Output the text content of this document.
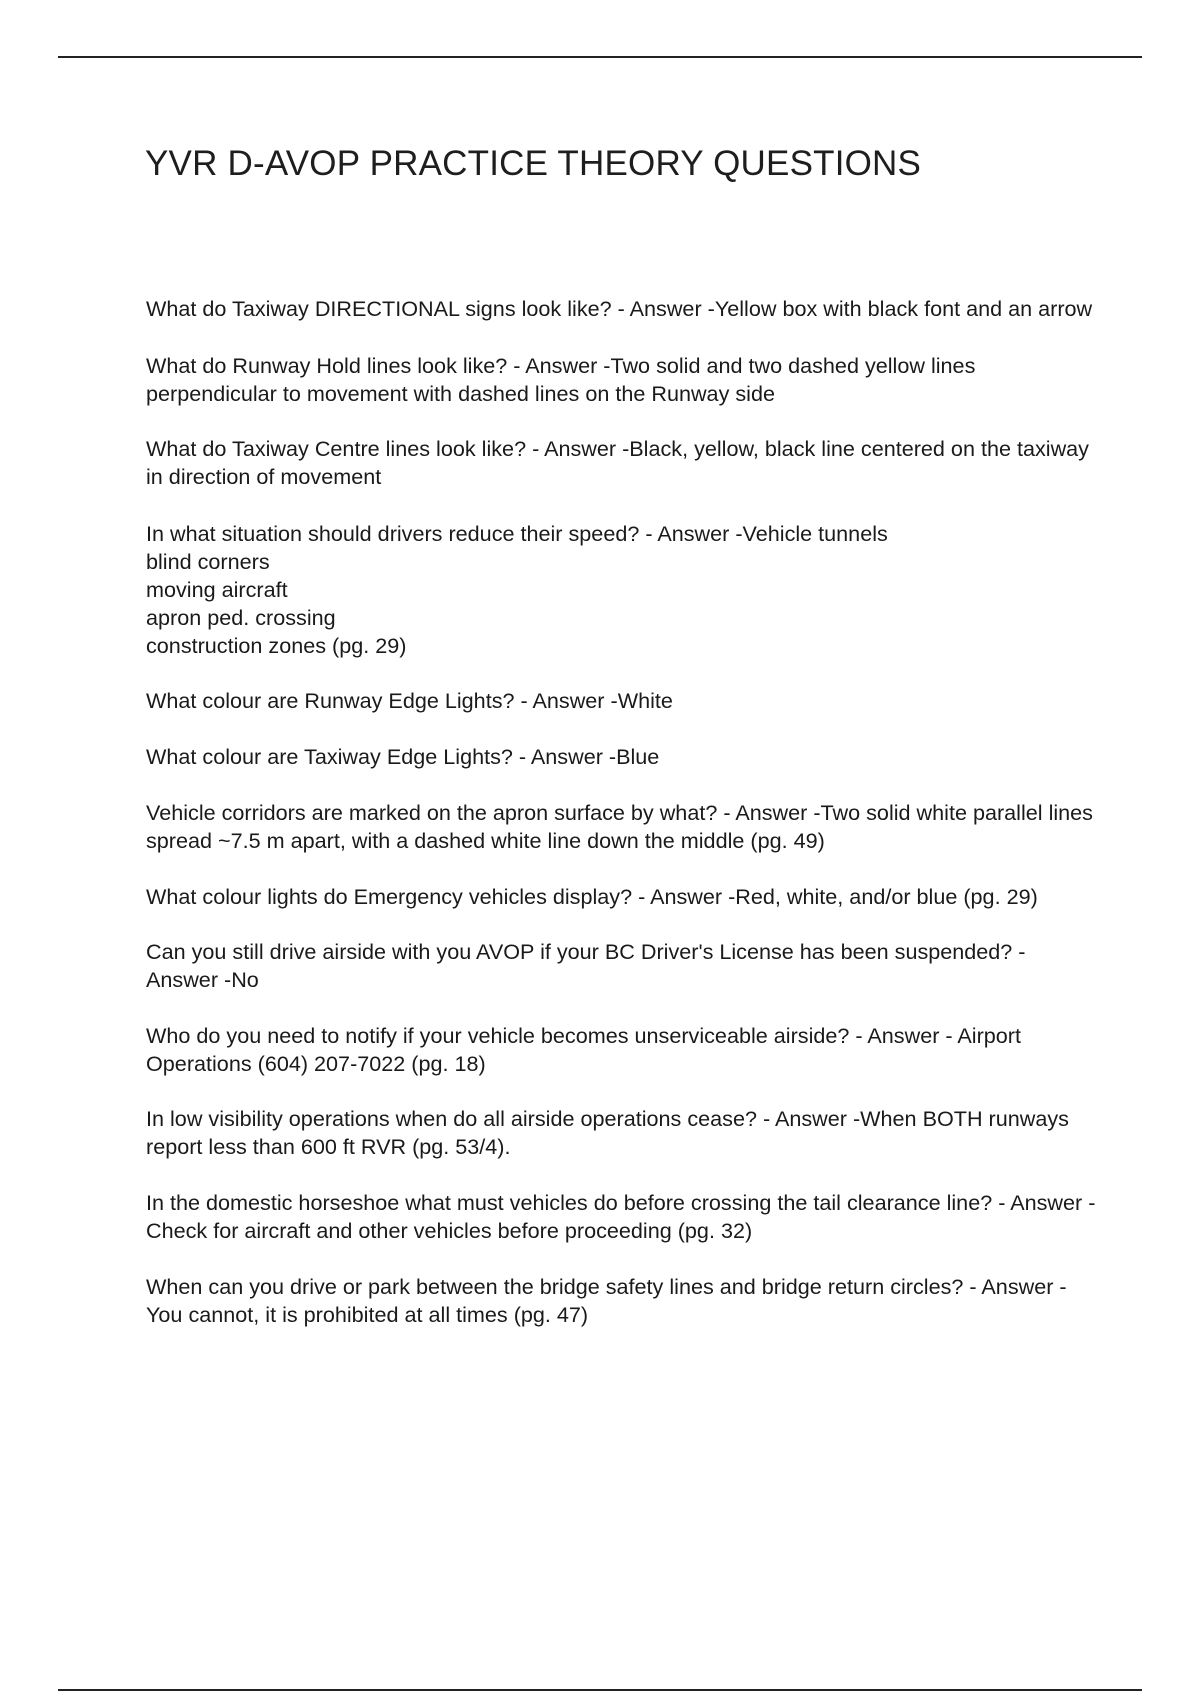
YVR D-AVOP PRACTICE THEORY QUESTIONS
What do Taxiway DIRECTIONAL signs look like? - Answer -Yellow box with black font and an arrow
What do Runway Hold lines look like? - Answer -Two solid and two dashed yellow lines perpendicular to movement with dashed lines on the Runway side
What do Taxiway Centre lines look like? - Answer -Black, yellow, black line centered on the taxiway in direction of movement
In what situation should drivers reduce their speed? - Answer -Vehicle tunnels
blind corners
moving aircraft
apron ped. crossing
construction zones (pg. 29)
What colour are Runway Edge Lights? - Answer -White
What colour are Taxiway Edge Lights? - Answer -Blue
Vehicle corridors are marked on the apron surface by what? - Answer -Two solid white parallel lines spread ~7.5 m apart, with a dashed white line down the middle (pg. 49)
What colour lights do Emergency vehicles display? - Answer -Red, white, and/or blue (pg. 29)
Can you still drive airside with you AVOP if your BC Driver's License has been suspended? - Answer -No
Who do you need to notify if your vehicle becomes unserviceable airside? - Answer - Airport Operations (604) 207-7022 (pg. 18)
In low visibility operations when do all airside operations cease? - Answer -When BOTH runways report less than 600 ft RVR (pg. 53/4).
In the domestic horseshoe what must vehicles do before crossing the tail clearance line? - Answer -Check for aircraft and other vehicles before proceeding (pg. 32)
When can you drive or park between the bridge safety lines and bridge return circles? - Answer -You cannot, it is prohibited at all times (pg. 47)
